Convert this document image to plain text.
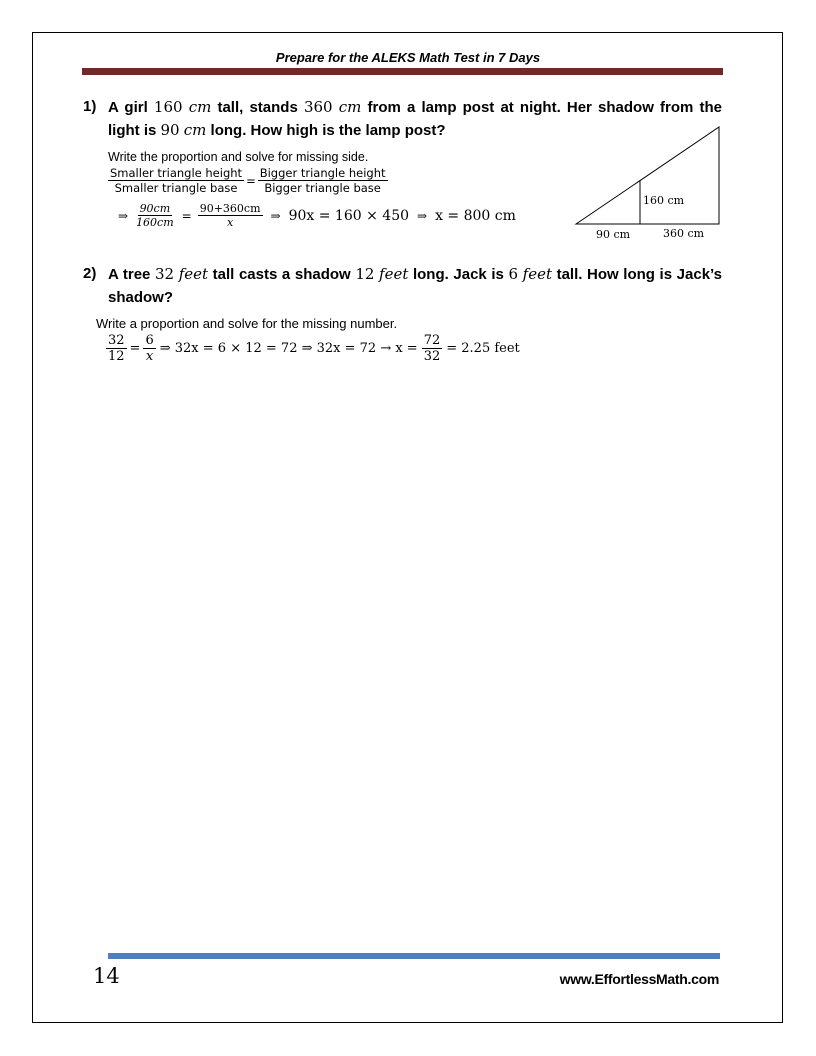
Prepare for the ALEKS Math Test in 7 Days
1) A girl 160 cm tall, stands 360 cm from a lamp post at night. Her shadow from the light is 90 cm long. How high is the lamp post?
Write the proportion and solve for missing side.
$\frac{\text{Smaller triangle height}}{\text{Smaller triangle base}} = \frac{\text{Bigger triangle height}}{\text{Bigger triangle base}}$
⇒ $\frac{90cm}{160cm} = \frac{90+360cm}{x}$ ⇒ 90x = 160 × 450 ⇒ x = 800 cm
160 cm
90 cm	360 cm
2) A tree 32 feet tall casts a shadow 12 feet long. Jack is 6 feet tall. How long is Jack’s shadow?
Write a proportion and solve for the missing number.
$\frac{32}{12} = \frac{6}{x}$ ⇒ 32x = 6 × 12 = 72 ⇒ $32x = 72 \to x = \frac{72}{32} = 2.25$ feet
14	www.EffortlessMath.com
